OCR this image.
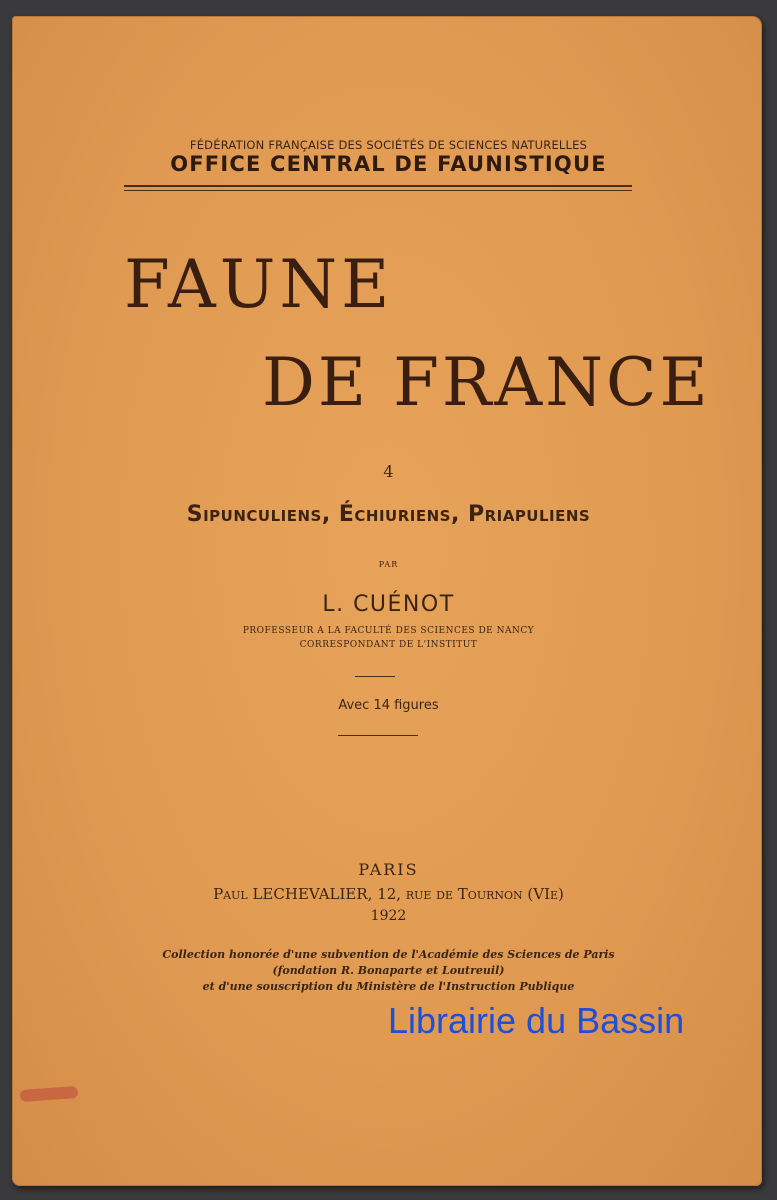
FÉDÉRATION FRANÇAISE DES SOCIÉTÉS DE SCIENCES NATURELLES

OFFICE CENTRAL DE FAUNISTIQUE

FAUNE

DE FRANCE

4

Sipunculiens, Échiuriens, Priapuliens

PAR

L. CUÉNOT

PROFESSEUR A LA FACULTÉ DES SCIENCES DE NANCY

CORRESPONDANT DE L'INSTITUT

Avec 14 figures

PARIS

Paul LECHEVALIER, 12, rue de Tournon (VIe)

1922

Collection honorée d'une subvention de l'Académie des Sciences de Paris

(fondation R. Bonaparte et Loutreuil)

et d'une souscription du Ministère de l'Instruction Publique

Librairie du Bassin
